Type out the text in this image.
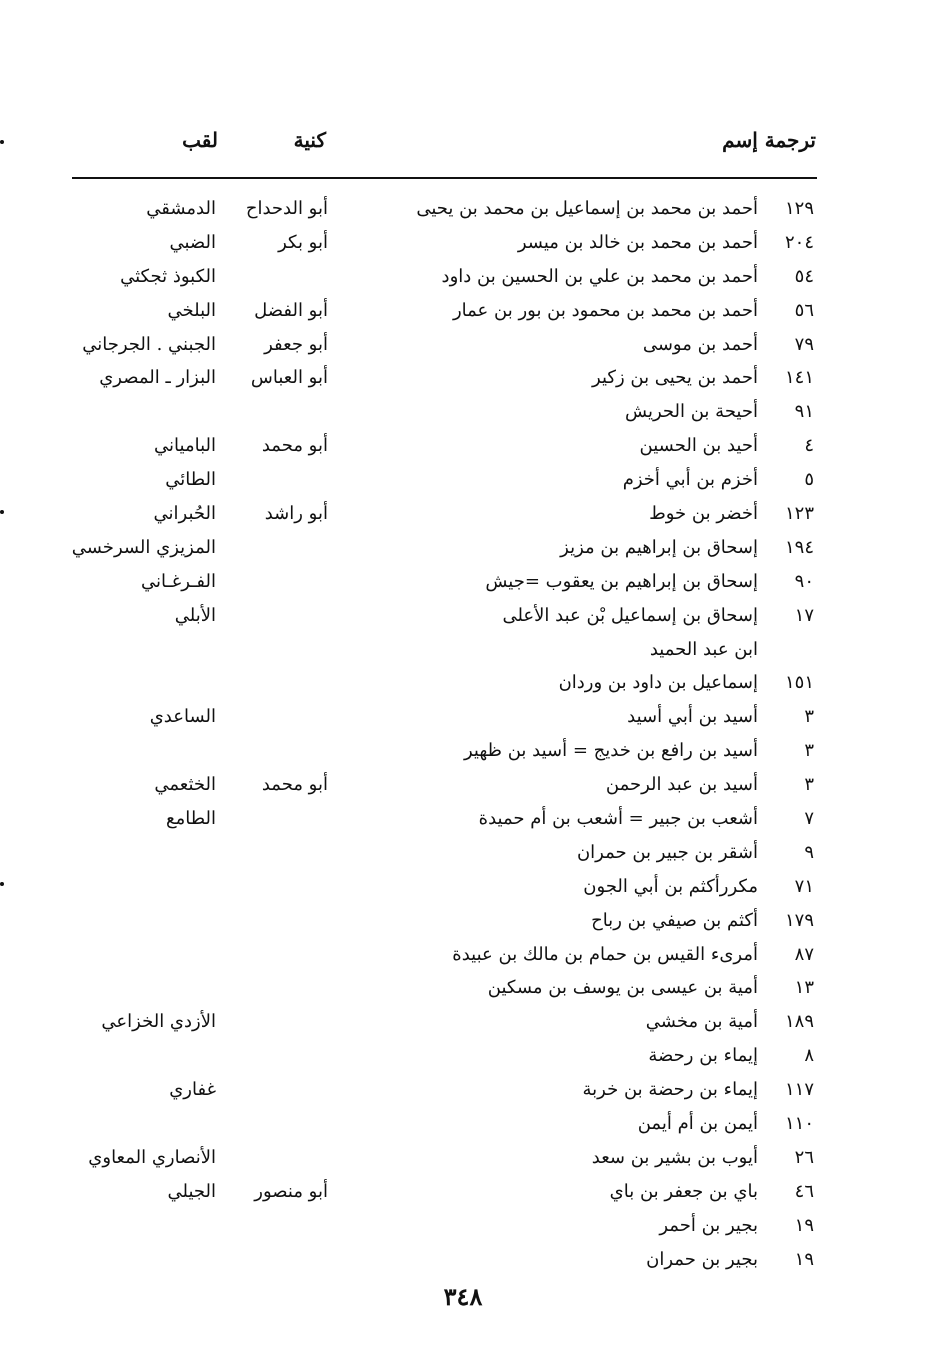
ترجمة إسم
كنية
لقب
١٢٩
أحمد بن محمد بن إسماعيل بن محمد بن يحيى
أبو الدحداح
الدمشقي
٢٠٤
أحمد بن محمد بن خالد بن ميسر
أبو بكر
الضبي
٥٤
أحمد بن محمد بن علي بن الحسين بن داود
الكبوذ ثجكثي
٥٦
أحمد بن محمد بن محمود بن بور بن عمار
أبو الفضل
البلخي
٧٩
أحمد بن موسى
أبو جعفر
الجبني . الجرجاني
١٤١
أحمد بن يحيى بن زكير
أبو العباس
البزار ـ المصري
٩١
أحيحة بن الحريش
٤
أحيد بن الحسين
أبو محمد
البامياني
٥
أخزم بن أبي أخزم
الطائي
١٢٣
أخضر بن خوط
أبو راشد
الحُبراني
١٩٤
إسحاق بن إبراهيم بن مزيز
المزيزي السرخسي
٩٠
إسحاق بن إبراهيم بن يعقوب =جيش
الفـرغـاني
١٧
إسحاق بن إسماعيل بْن عبد الأعلى
الأبلي
ابن عبد الحميد
١٥١
إسماعيل بن داود بن وردان
٣
أسيد بن أبي أسيد
الساعدي
٣
أسيد بن رافع بن خديج = أسيد بن ظهير
٣
أسيد بن عبد الرحمن
أبو محمد
الخثعمي
٧
أشعب بن جبير = أشعب بن أم حميدة
الطامع
٩
أشقر بن جبير بن حمران
٧١
مكررأكثم بن أبي الجون
١٧٩
أكثم بن صيفي بن رباح
٨٧
أمرىء القيس بن حمام بن مالك بن عبيدة
١٣
أمية بن عيسى بن يوسف بن مسكين
١٨٩
أمية بن مخشي
الأزدي الخزاعي
٨
إيماء بن رحضة
١١٧
إيماء بن رحضة بن خربة
غفاري
١١٠
أيمن بن أم أيمن
٢٦
أيوب بن بشير بن سعد
الأنصاري المعاوي
٤٦
باي بن جعفر بن باي
أبو منصور
الجيلي
١٩
بجير بن أحمر
١٩
بجير بن حمران
٣٤٨
